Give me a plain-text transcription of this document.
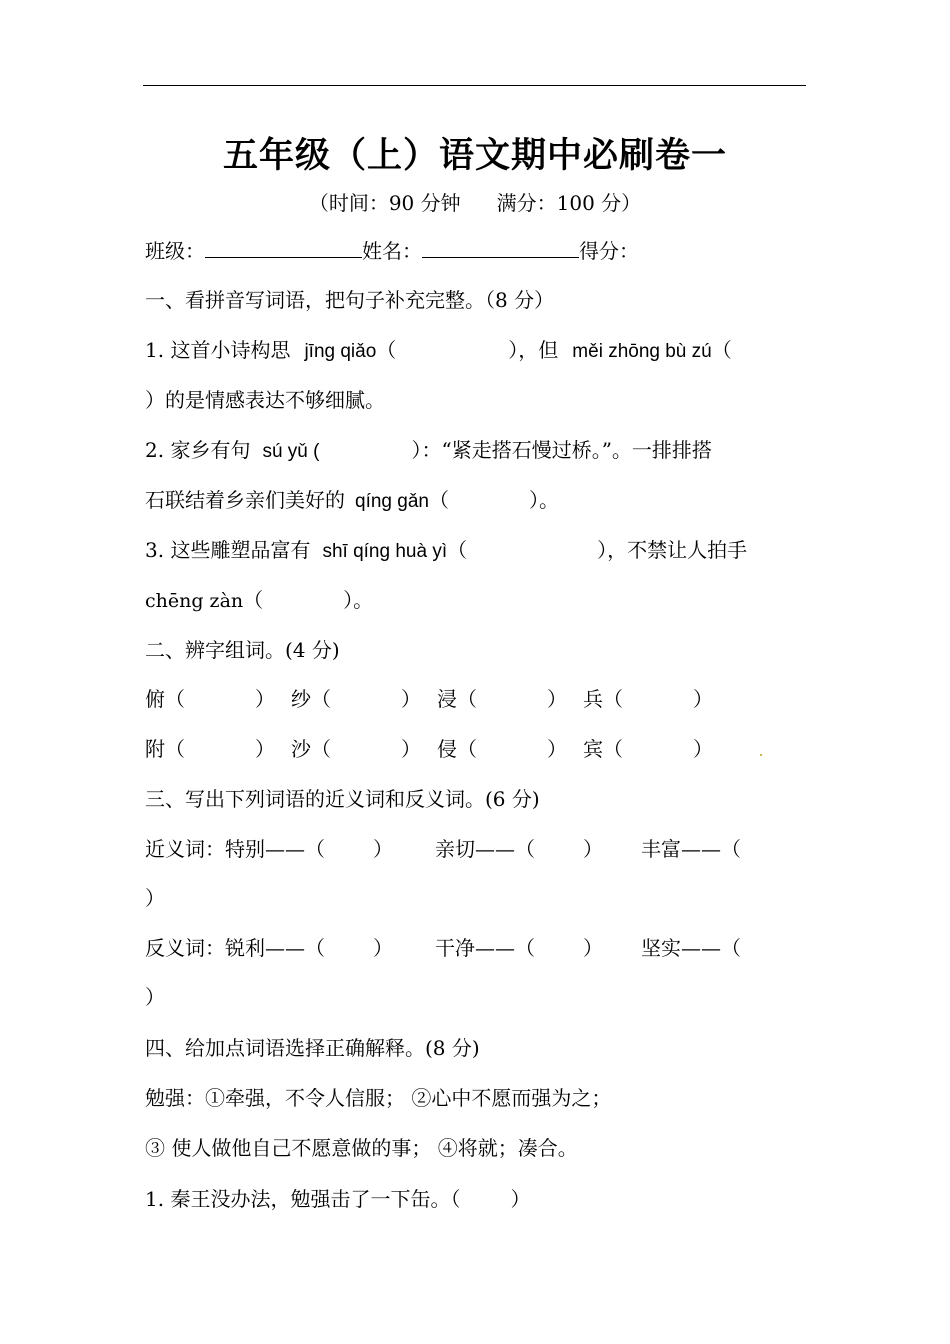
五年级（上）语文期中必刷卷一
（时间：90 分钟 满分：100 分）
班级：	姓名：	得分：
一、看拼音写词语，把句子补充完整。（8 分）
1. 这首小诗构思 jīng qiǎo（	），但 měi zhōng bù zú（
）的是情感表达不够细腻。
2. 家乡有句 sú yǔ (	）：“紧走搭石慢过桥。”。一排排搭
石联结着乡亲们美好的 qíng gǎn（	）。
3. 这些雕塑品富有 shī qíng huà yì（	），不禁让人拍手
chēng zàn（	）。
二、辨字组词。(4 分)
俯（	） 纱（	） 浸（	） 兵（	）
附（	） 沙（	） 侵（	） 宾（	）
三、写出下列词语的近义词和反义词。(6 分)
近义词：特别——（ ） 亲切——（ ） 丰富——（
）
反义词：锐利——（ ） 干净——（ ） 坚实——（
）
四、给加点词语选择正确解释。(8 分)
勉强：①牵强，不令人信服； ②心中不愿而强为之；
③ 使人做他自己不愿意做的事； ④将就；凑合。
1. 秦王没办法，勉强击了一下缶。（	）
